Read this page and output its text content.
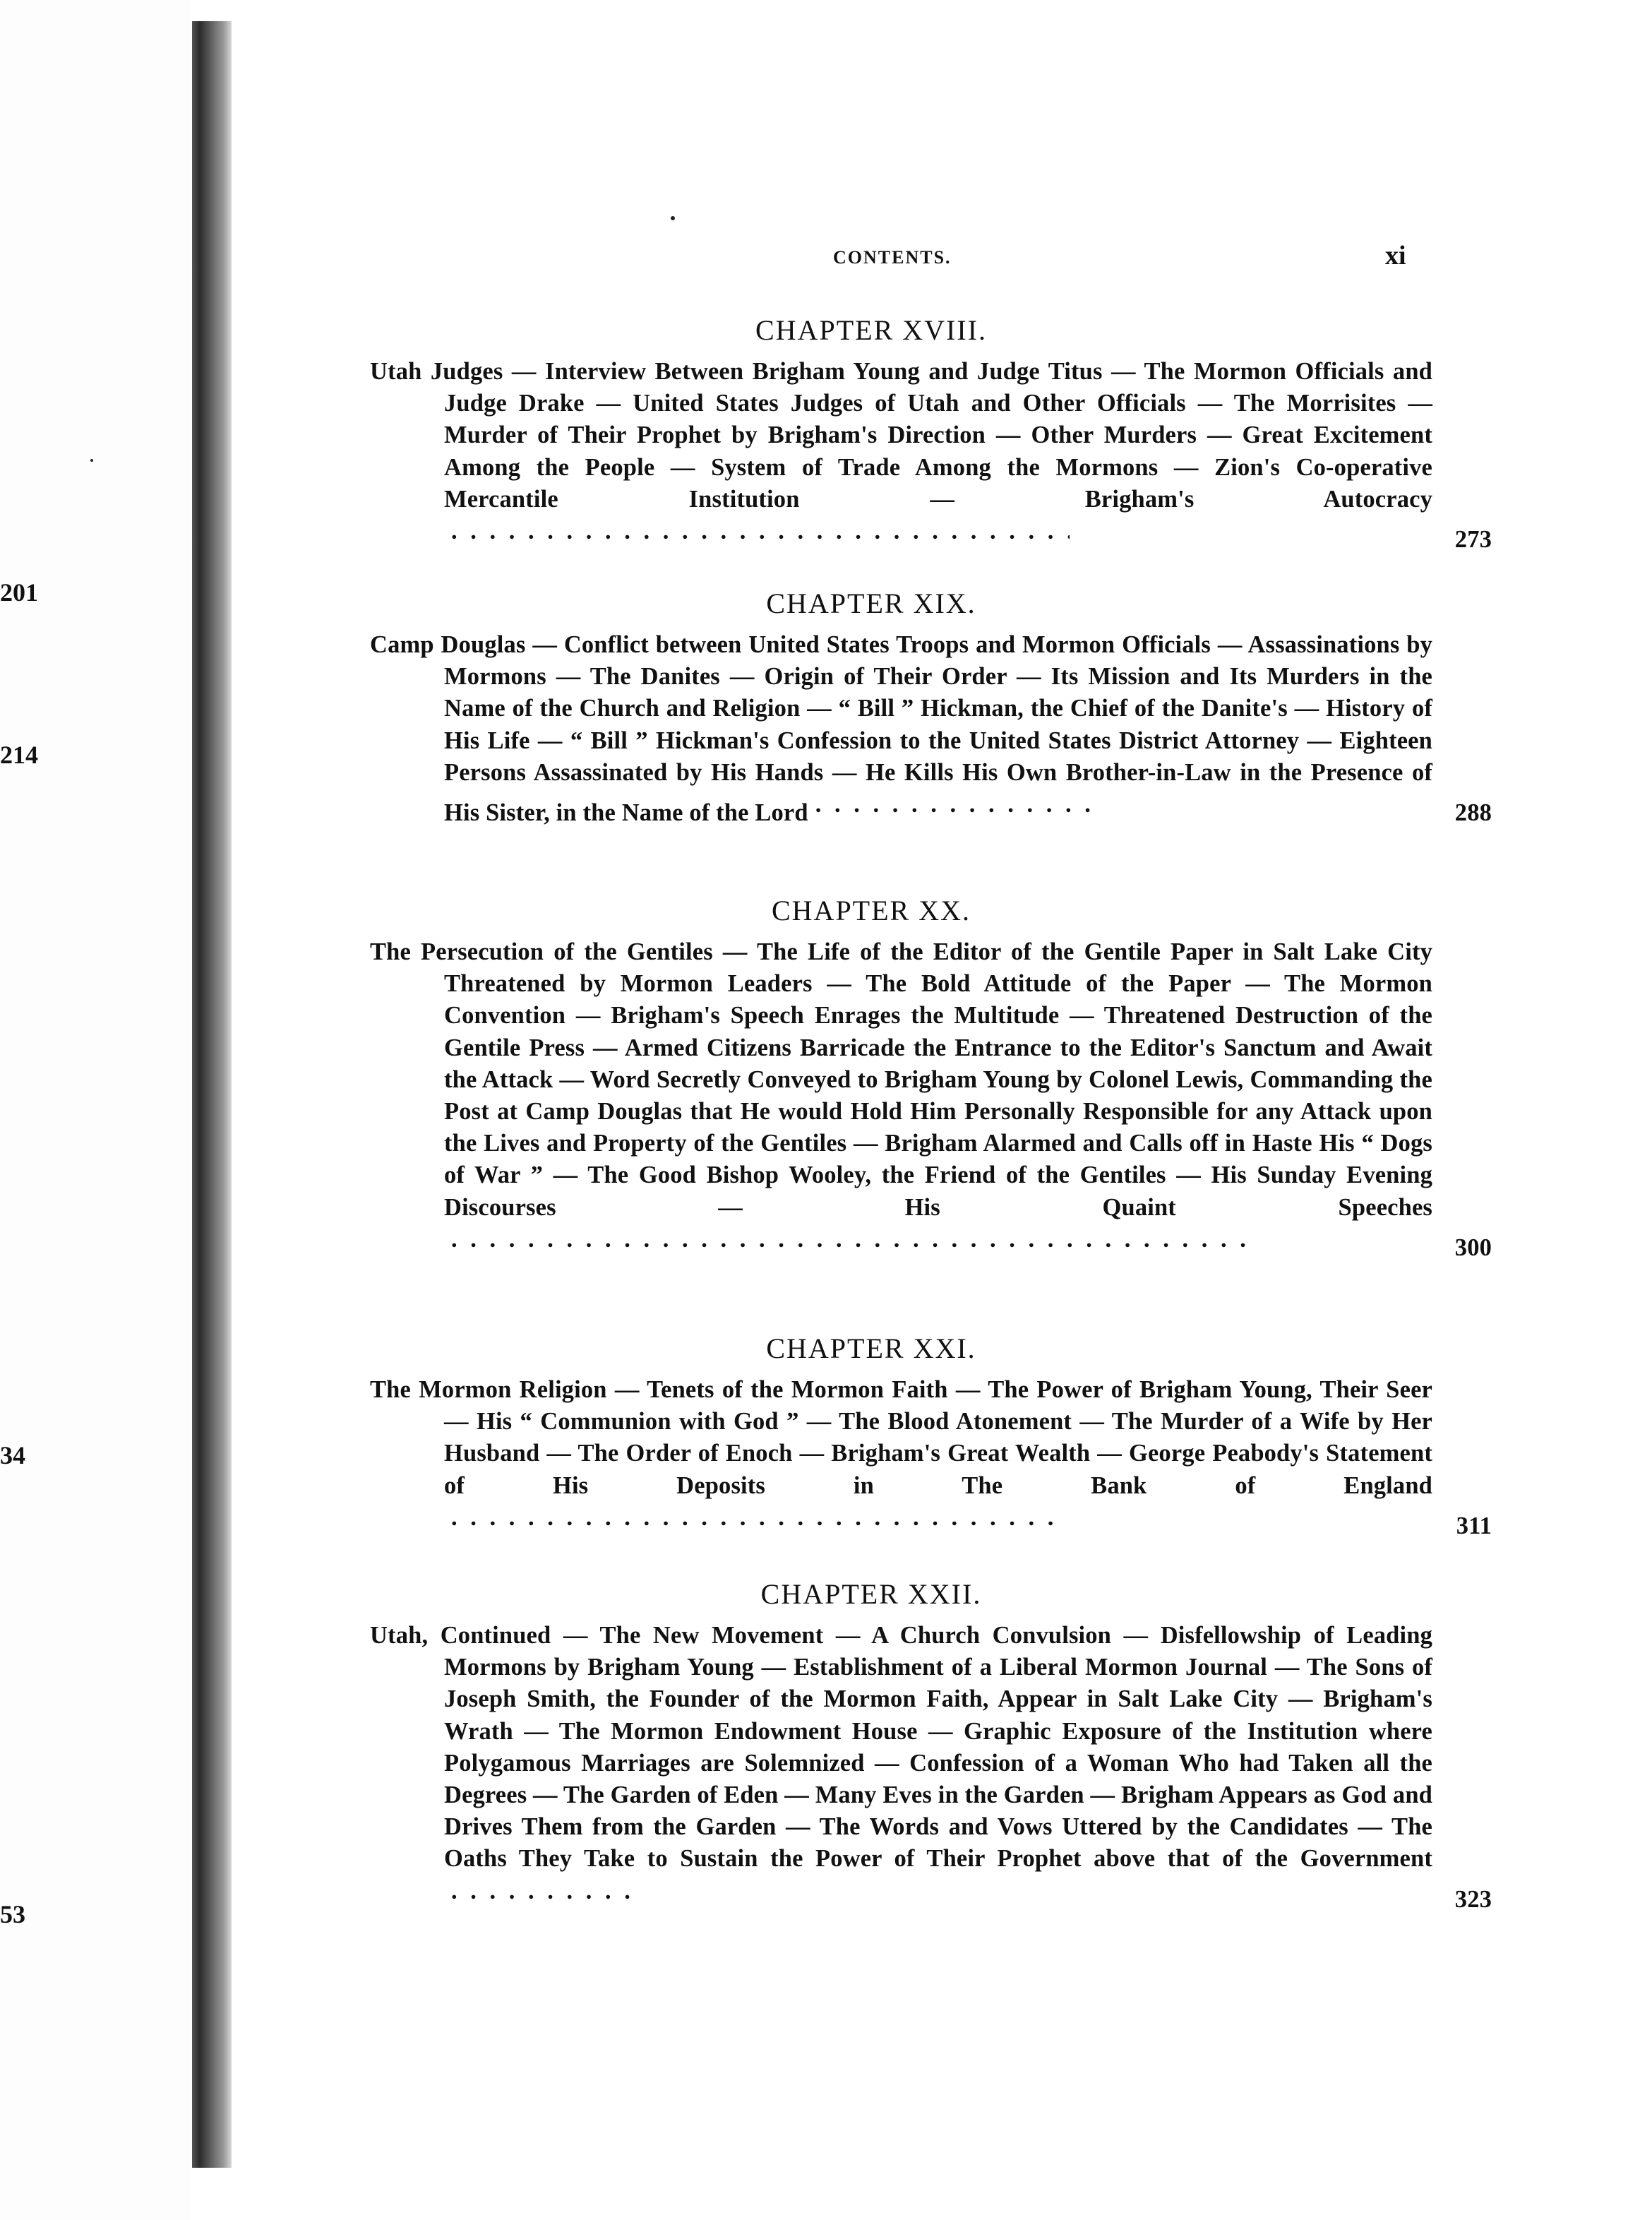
201
214
34
53
CONTENTS.	xi
CHAPTER XVIII.
Utah Judges — Interview Between Brigham Young and Judge Titus — The Mormon Officials and Judge Drake — United States Judges of Utah and Other Officials — The Morrisites — Murder of Their Prophet by Brigham's Direction — Other Murders — Great Excitement Among the People — System of Trade Among the Mormons — Zion's Co-operative Mercantile Institution — Brigham's Autocracy. . .
273
CHAPTER XIX.
Camp Douglas — Conflict between United States Troops and Mormon Officials — Assassinations by Mormons — The Danites — Origin of Their Order — Its Mission and Its Murders in the Name of the Church and Religion — “ Bill ” Hickman, the Chief of the Danite's — History of His Life — “ Bill ” Hickman's Confession to the United States District Attorney — Eighteen Persons Assassinated by His Hands — He Kills His Own Brother-in-Law in the Presence of His Sister, in the Name of the Lord. . .	288
CHAPTER XX.
The Persecution of the Gentiles — The Life of the Editor of the Gentile Paper in Salt Lake City Threatened by Mormon Leaders — The Bold Attitude of the Paper — The Mormon Convention — Brigham's Speech Enrages the Multitude — Threatened Destruction of the Gentile Press — Armed Citizens Barricade the Entrance to the Editor's Sanctum and Await the Attack — Word Secretly Conveyed to Brigham Young by Colonel Lewis, Commanding the Post at Camp Douglas that He would Hold Him Personally Responsible for any Attack upon the Lives and Property of the Gentiles — Brigham Alarmed and Calls off in Haste His “ Dogs of War ” — The Good Bishop Wooley, the Friend of the Gentiles — His Sunday Evening Discourses — His Quaint Speeches. . .
300
CHAPTER XXI.
The Mormon Religion — Tenets of the Mormon Faith — The Power of Brigham Young, Their Seer — His “ Communion with God ” — The Blood Atonement — The Murder of a Wife by Her Husband — The Order of Enoch — Brigham's Great Wealth — George Peabody's Statement of His Deposits in The Bank of England. . .
311
CHAPTER XXII.
Utah, Continued — The New Movement — A Church Convulsion — Disfellowship of Leading Mormons by Brigham Young — Establishment of a Liberal Mormon Journal — The Sons of Joseph Smith, the Founder of the Mormon Faith, Appear in Salt Lake City — Brigham's Wrath — The Mormon Endowment House — Graphic Exposure of the Institution where Polygamous Marriages are Solemnized — Confession of a Woman Who had Taken all the Degrees — The Garden of Eden — Many Eves in the Garden — Brigham Appears as God and Drives Them from the Garden — The Words and Vows Uttered by the Candidates — The Oaths They Take to Sustain the Power of Their Prophet above that of the Government. . .
323
